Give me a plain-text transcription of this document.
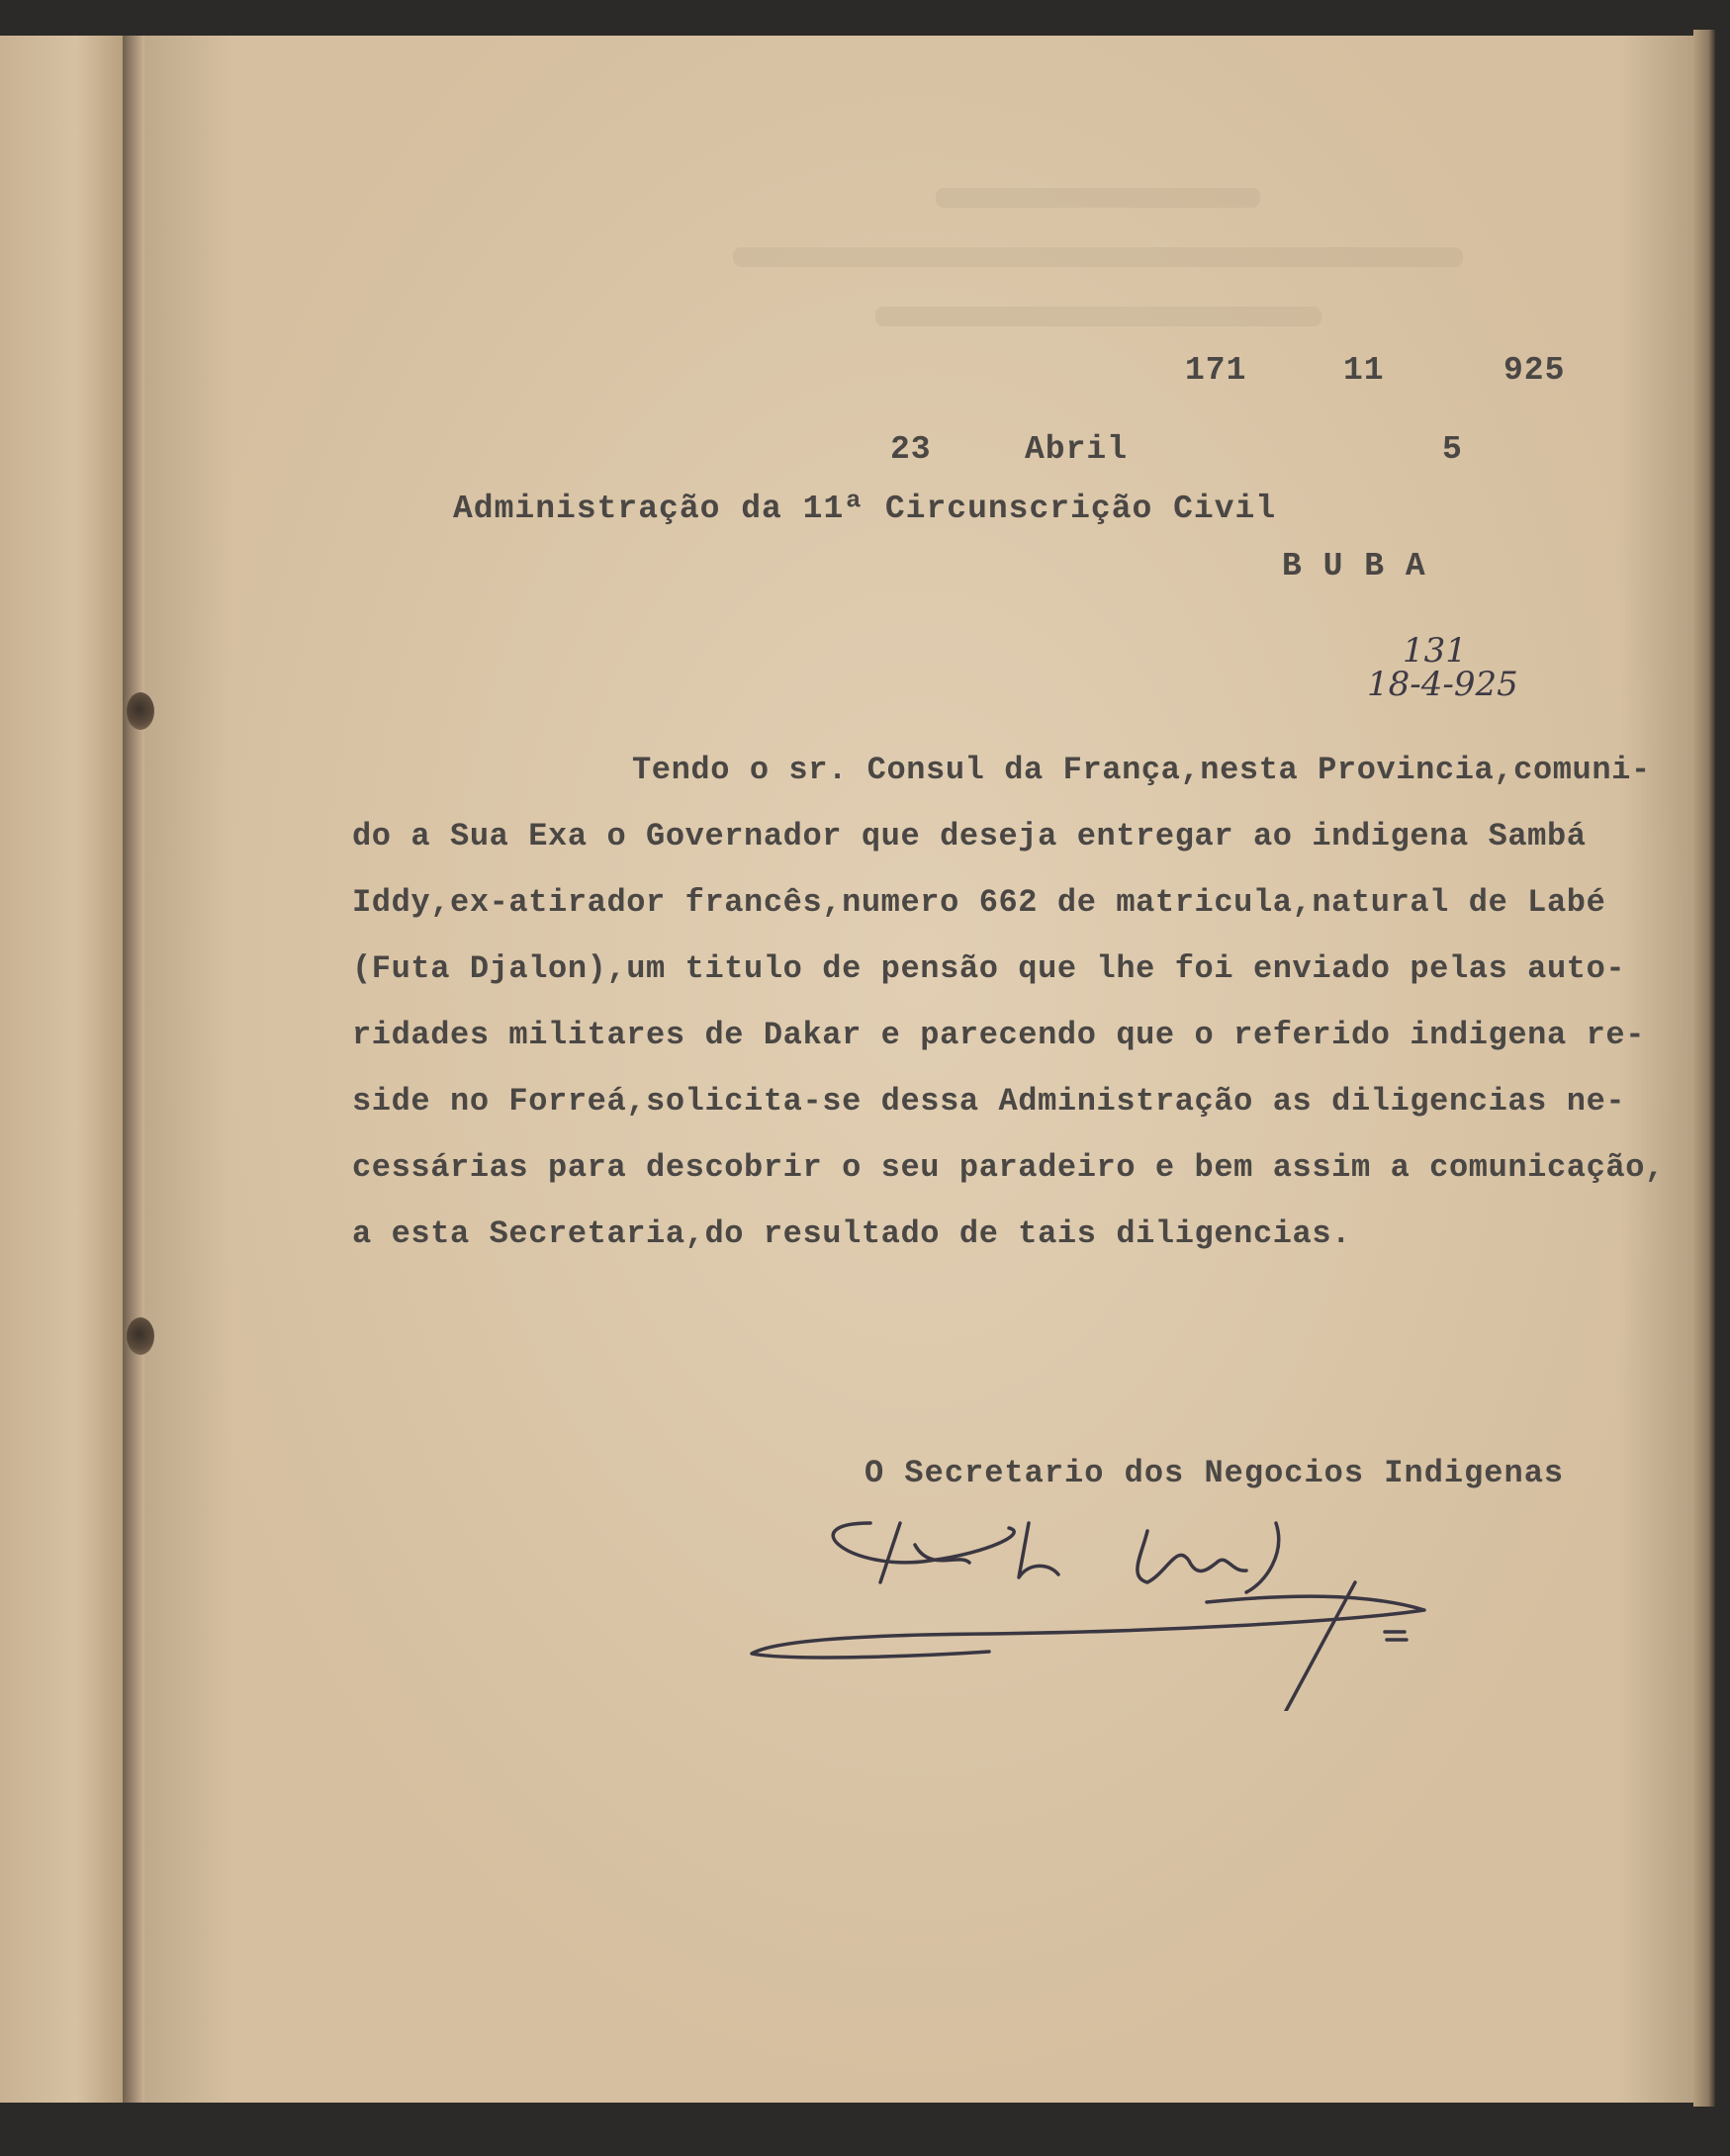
171	11	925
23	Abril	5
Administração da 11ª Circunscrição Civil
B U B A
131
18-4-925
Tendo o sr. Consul da França,nesta Provincia,comuni-
do a Sua Exa o Governador que deseja entregar ao indigena Sambá
Iddy,ex-atirador francês,numero 662 de matricula,natural de Labé
(Futa Djalon),um titulo de pensão que lhe foi enviado pelas auto-
ridades militares de Dakar e parecendo que o referido indigena re-
side no Forreá,solicita-se dessa Administração as diligencias ne-
cessárias para descobrir o seu paradeiro e bem assim a comunicação,
a esta Secretaria,do resultado de tais diligencias.
O Secretario dos Negocios Indigenas
